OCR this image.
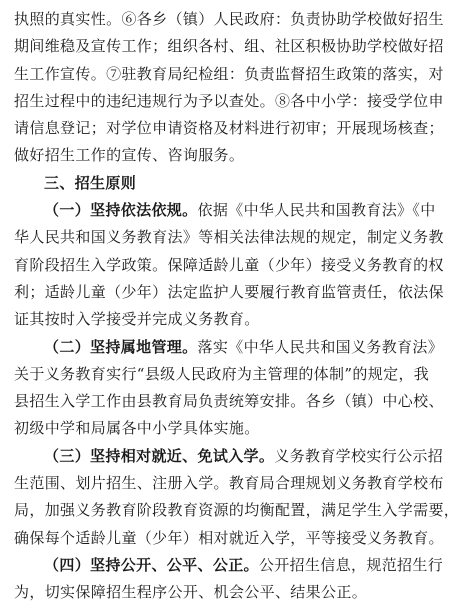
执照的真实性。⑥各乡（镇）人民政府：负责协助学校做好招生
期间维稳及宣传工作；组织各村、组、社区积极协助学校做好招
生工作宣传。⑦驻教育局纪检组：负责监督招生政策的落实，对
招生过程中的违纪违规行为予以查处。⑧各中小学：接受学位申
请信息登记；对学位申请资格及材料进行初审；开展现场核查；
做好招生工作的宣传、咨询服务。
三、招生原则
（一）坚持依法依规。依据《中华人民共和国教育法》《中
华人民共和国义务教育法》等相关法律法规的规定，制定义务教
育阶段招生入学政策。保障适龄儿童（少年）接受义务教育的权
利；适龄儿童（少年）法定监护人要履行教育监管责任，依法保
证其按时入学接受并完成义务教育。
（二）坚持属地管理。落实《中华人民共和国义务教育法》
关于义务教育实行“县级人民政府为主管理的体制”的规定，我
县招生入学工作由县教育局负责统筹安排。各乡（镇）中心校、
初级中学和局属各中小学具体实施。
（三）坚持相对就近、免试入学。义务教育学校实行公示招
生范围、划片招生、注册入学。教育局合理规划义务教育学校布
局，加强义务教育阶段教育资源的均衡配置，满足学生入学需要，
确保每个适龄儿童（少年）相对就近入学，平等接受义务教育。
（四）坚持公开、公平、公正。公开招生信息，规范招生行
为，切实保障招生程序公开、机会公平、结果公正。
